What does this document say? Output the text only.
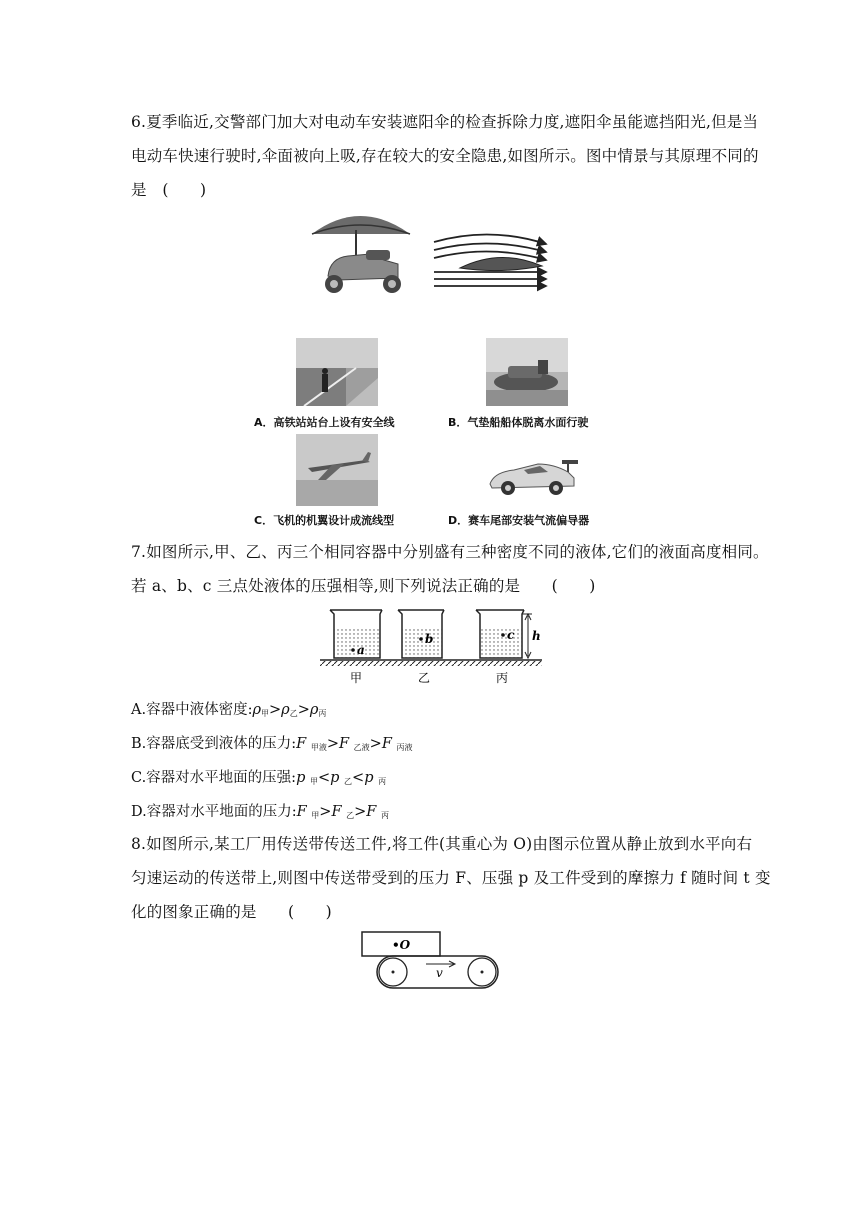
6.夏季临近,交警部门加大对电动车安装遮阳伞的检查拆除力度,遮阳伞虽能遮挡阳光,但是当
电动车快速行驶时,伞面被向上吸,存在较大的安全隐患,如图所示。图中情景与其原理不同的
是　(　　)
A．高铁站站台上设有安全线	B．气垫船船体脱离水面行驶
C．飞机的机翼设计成流线型	D．赛车尾部安装气流偏导器
7.如图所示,甲、乙、丙三个相同容器中分别盛有三种密度不同的液体,它们的液面高度相同。
若 a、b、c 三点处液体的压强相等,则下列说法正确的是　　(　　)
a
b	c h
甲	乙	丙
A.容器中液体密度$:\rho_甲>\rho_乙>\rho_丙$
B.容器底受到液体的压力:F $_{甲液}$>F $_{乙液}$>F $_{丙液}$
C.容器对水平地面的压强:p $_甲$<p $_乙$<p $_丙$
D.容器对水平地面的压力:F $_甲$>F $_乙$>F $_丙$
8.如图所示,某工厂用传送带传送工件,将工件(其重心为 O)由图示位置从静止放到水平向右
匀速运动的传送带上,则图中传送带受到的压力 F、压强 p 及工件受到的摩擦力 f 随时间 t 变
化的图象正确的是　　(　　)
•O
v
